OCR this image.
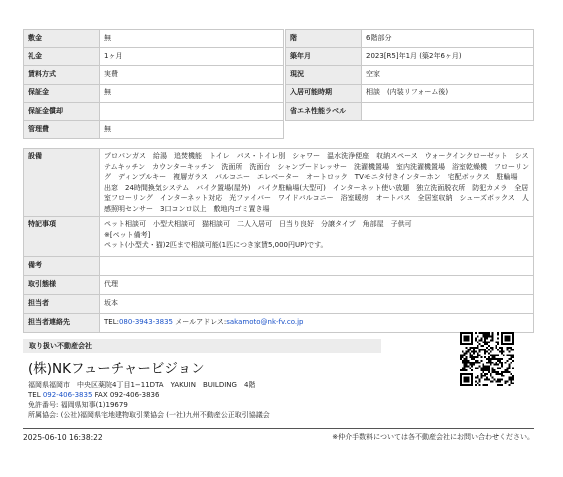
敷金	無
礼金	1ヶ月
賃料方式	実費
保証金	無
保証金償却	
管理費	無
階	6階部分
築年月	2023[R5]年1月 (築2年6ヶ月)
現況	空家
入居可能時期	相談　(内装リフォーム後)
省エネ性能ラベル	
設備	プロパンガス　給湯　追焚機能　トイレ　バス・トイレ別　シャワー　温水洗浄便座　収納スペース　ウォークインクローゼット　システムキッチン　カウンターキッチン　洗面所　洗面台　シャンプードレッサー　洗濯機置場　室内洗濯機置場　浴室乾燥機　フローリング　ディンプルキー　複層ガラス　バルコニー　エレベーター　オートロック　TVモニタ付きインターホン　宅配ボックス　駐輪場　出窓　24時間換気システム　バイク置場(屋外)　バイク駐輪場(大型可)　インターネット使い放題　独立洗面脱衣所　防犯カメラ　全居室フローリング　インターネット対応　光ファイバー　ワイドバルコニー　浴室暖房　オートバス　全居室収納　シューズボックス　人感照明センサー　3口コンロ以上　敷地内ゴミ置き場
特記事項	ペット相談可　小型犬相談可　猫相談可　二人入居可　日当り良好　分譲タイプ　角部屋　子供可
※[ペット備考]
ペット(小型犬・猫)2匹まで相談可能(1匹につき家賃5,000円UP)です。

備考	
取引態様	代理
担当者	坂本
担当者連絡先	TEL:080-3943-3835 メールアドレス:sakamoto@nk-fv.co.jp
取り扱い不動産会社
(株)NKフューチャービジョン
福岡県福岡市　中央区薬院4丁目1−11DTA　YAKUIN　BUILDING　4階
TEL 092-406-3835 FAX 092-406-3836
免許番号: 福岡県知事(1)19679
所属協会: (公社)福岡県宅地建物取引業協会 (一社)九州不動産公正取引協議会
2025-06-10 16:38:22	※仲介手数料については各不動産会社にお問い合わせください。
